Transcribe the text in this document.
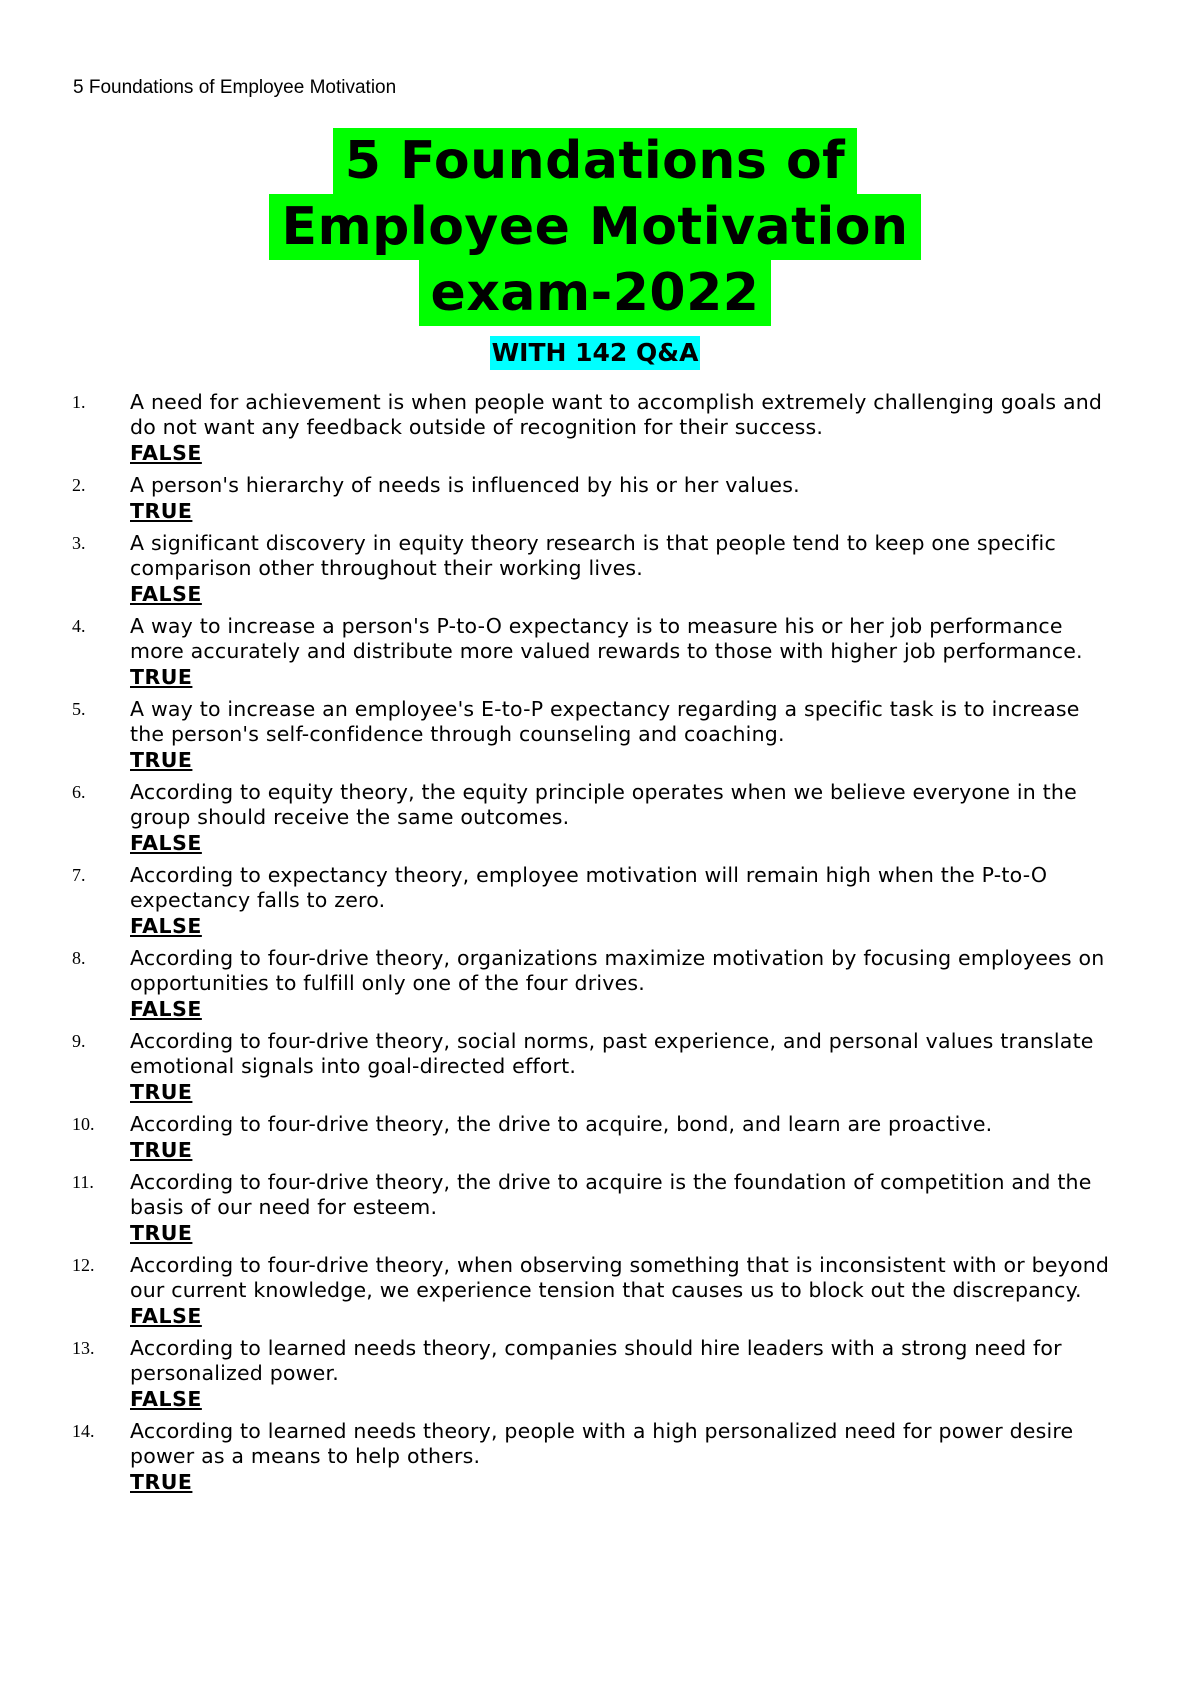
5 Foundations of Employee Motivation
5 Foundations of
Employee Motivation
exam-2022
WITH 142 Q&A
1. A need for achievement is when people want to accomplish extremely challenging goals and do not want any feedback outside of recognition for their success.
FALSE
2. A person's hierarchy of needs is influenced by his or her values.
TRUE
3. A significant discovery in equity theory research is that people tend to keep one specific comparison other throughout their working lives.
FALSE
4. A way to increase a person's P-to-O expectancy is to measure his or her job performance more accurately and distribute more valued rewards to those with higher job performance.
TRUE
5. A way to increase an employee's E-to-P expectancy regarding a specific task is to increase the person's self-confidence through counseling and coaching.
TRUE
6. According to equity theory, the equity principle operates when we believe everyone in the group should receive the same outcomes.
FALSE
7. According to expectancy theory, employee motivation will remain high when the P-to-O expectancy falls to zero.
FALSE
8. According to four-drive theory, organizations maximize motivation by focusing employees on opportunities to fulfill only one of the four drives.
FALSE
9. According to four-drive theory, social norms, past experience, and personal values translate emotional signals into goal-directed effort.
TRUE
10. According to four-drive theory, the drive to acquire, bond, and learn are proactive.
TRUE
11. According to four-drive theory, the drive to acquire is the foundation of competition and the basis of our need for esteem.
TRUE
12. According to four-drive theory, when observing something that is inconsistent with or beyond our current knowledge, we experience tension that causes us to block out the discrepancy.
FALSE
13. According to learned needs theory, companies should hire leaders with a strong need for personalized power.
FALSE
14. According to learned needs theory, people with a high personalized need for power desire power as a means to help others.
TRUE
